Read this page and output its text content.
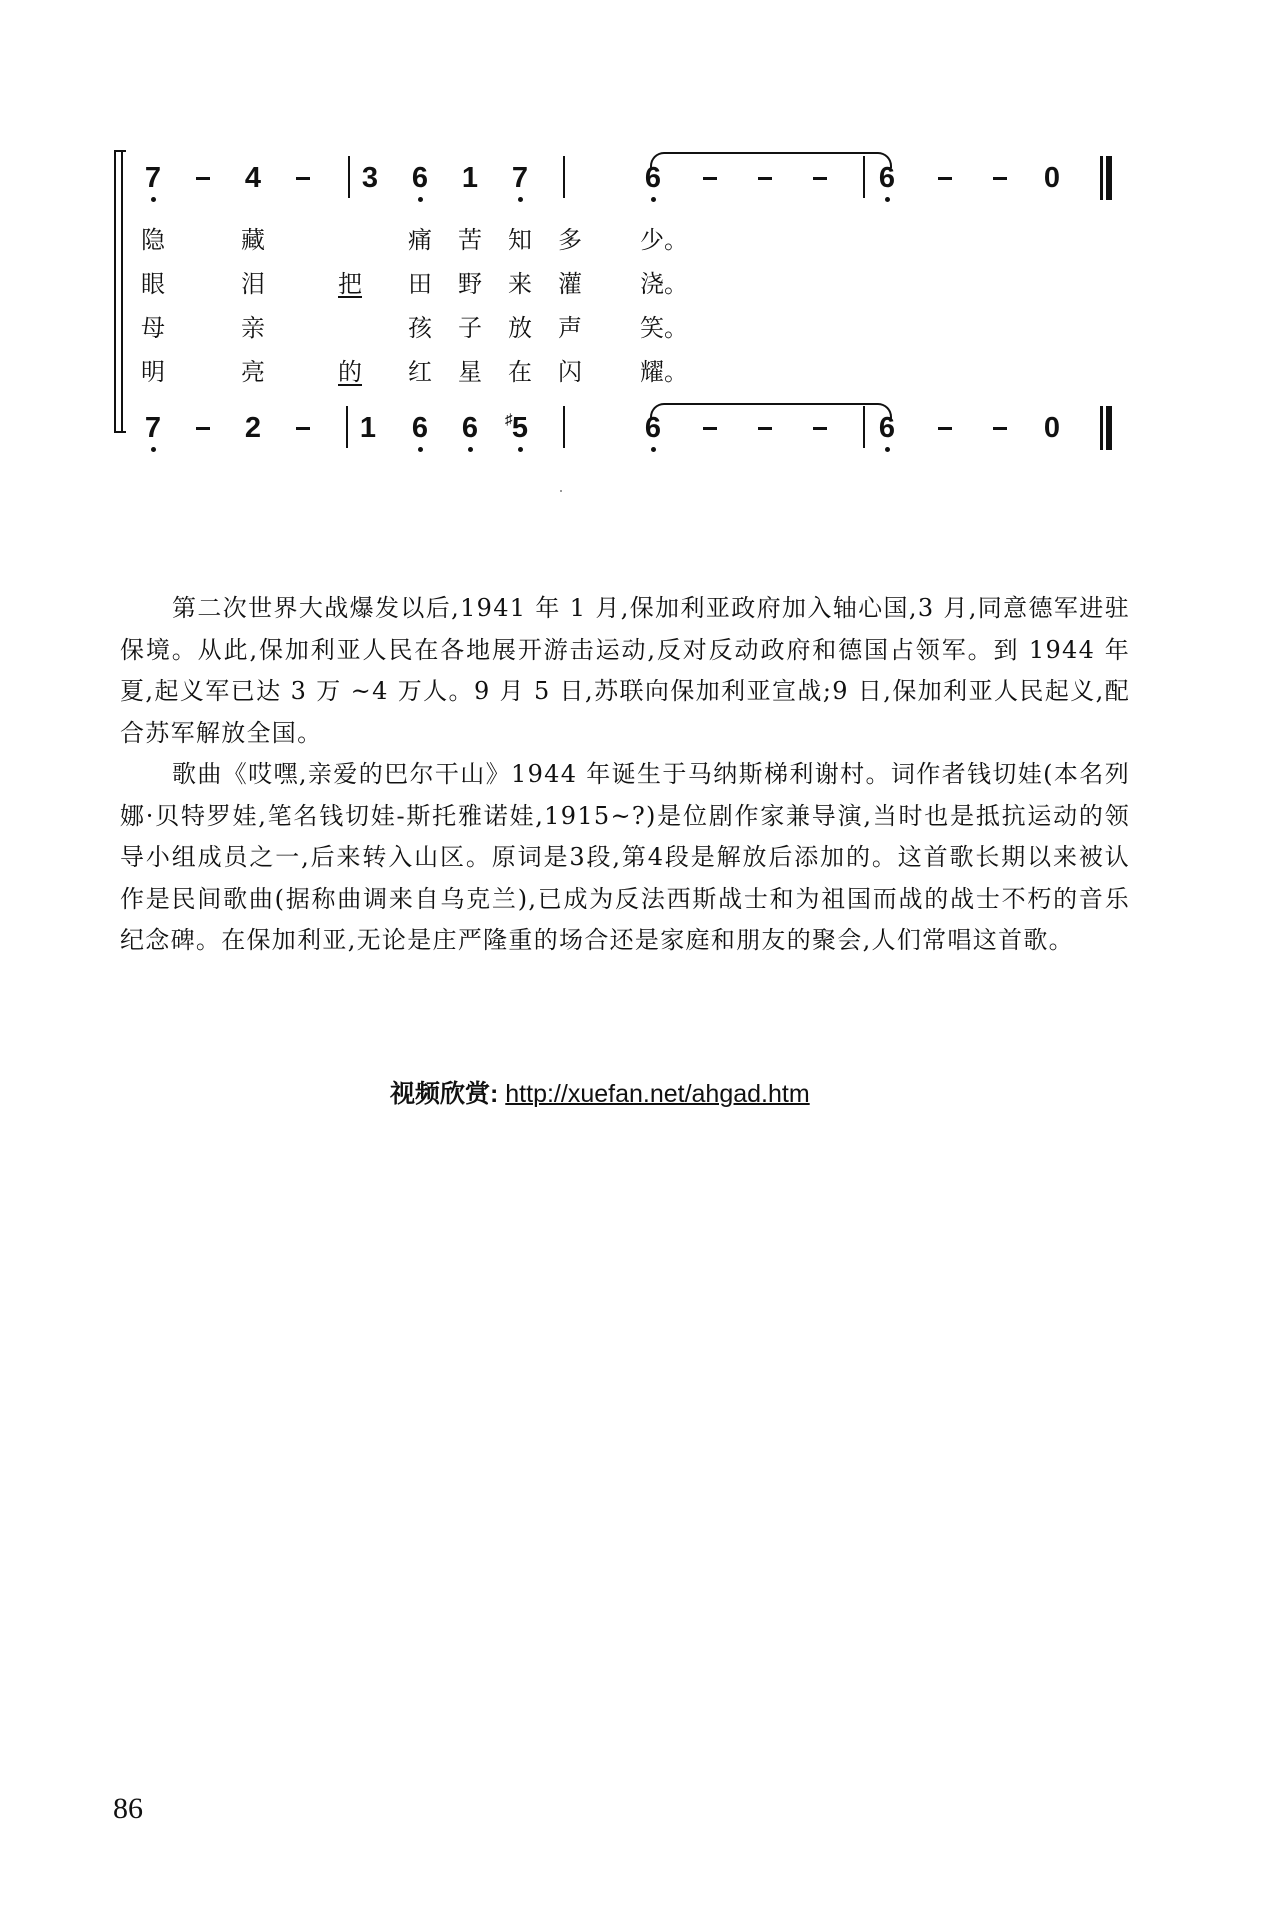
7	4	3 6 1 7	6	6	0
7	2	1 6 6 5
♯	6	6	0
隐	藏	痛 苦 知 多 少。
眼	泪	把 田 野 来 灌 浇。
母	亲	孩 子 放 声 笑。
明	亮	的 红 星 在 闪 耀。

第二次世界大战爆发以后,1941 年 1 月,保加利亚政府加入轴心国,3 月,同意德军进驻保境。从此,保加利亚人民在各地展开游击运动,反对反动政府和德国占领军。到 1944 年夏,起义军已达 3 万 ~4 万人。9 月 5 日,苏联向保加利亚宣战;9 日,保加利亚人民起义,配合苏军解放全国。

歌曲《哎嘿,亲爱的巴尔干山》1944 年诞生于马纳斯梯利谢村。词作者钱切娃(本名列娜·贝特罗娃,笔名钱切娃-斯托雅诺娃,1915~?)是位剧作家兼导演,当时也是抵抗运动的领导小组成员之一,后来转入山区。原词是3段,第4段是解放后添加的。这首歌长期以来被认作是民间歌曲(据称曲调来自乌克兰),已成为反法西斯战士和为祖国而战的战士不朽的音乐纪念碑。在保加利亚,无论是庄严隆重的场合还是家庭和朋友的聚会,人们常唱这首歌。

视频欣赏: http://xuefan.net/ahgad.htm
86
